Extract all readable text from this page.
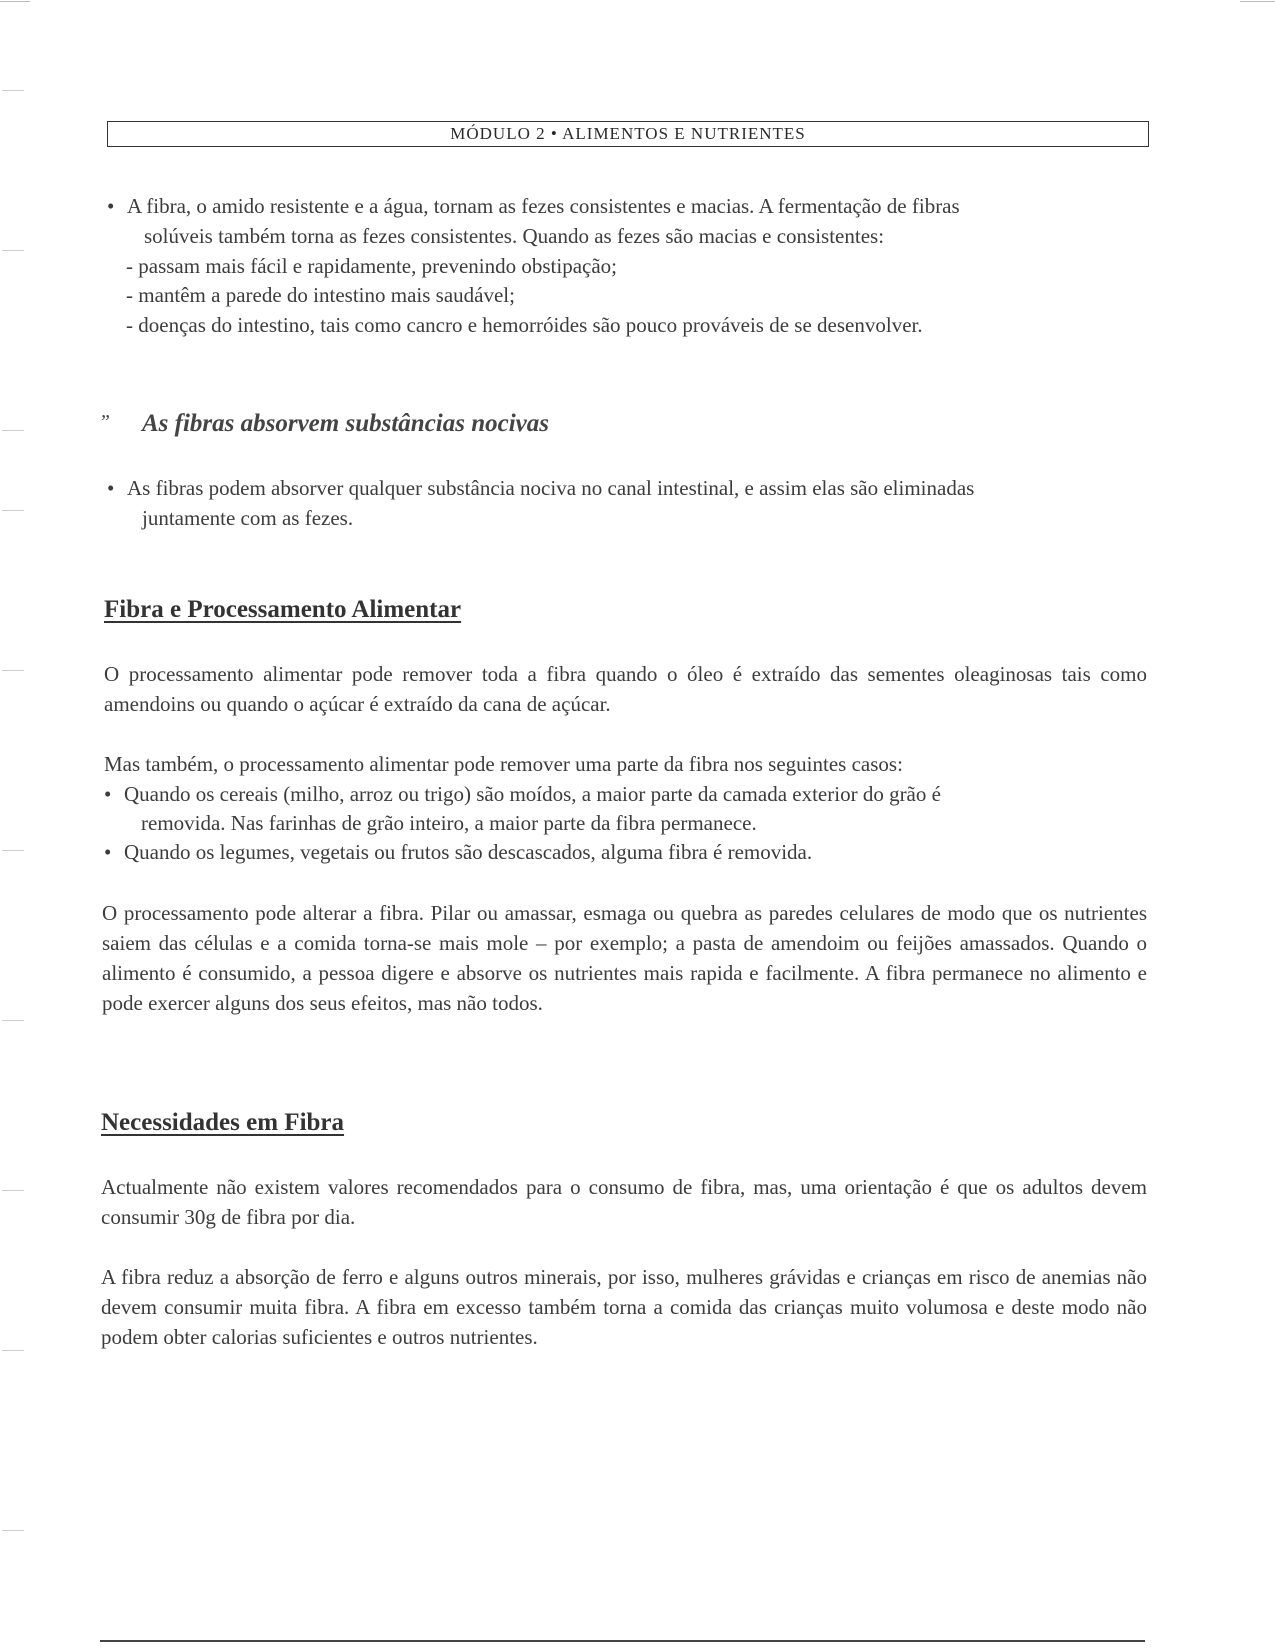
MÓDULO 2 • ALIMENTOS E NUTRIENTES
• A fibra, o amido resistente e a água, tornam as fezes consistentes e macias. A fermentação de fibras
solúveis também torna as fezes consistentes. Quando as fezes são macias e consistentes:
- passam mais fácil e rapidamente, prevenindo obstipação;
- mantêm a parede do intestino mais saudável;
- doenças do intestino, tais como cancro e hemorróides são pouco prováveis de se desenvolver.
„ As fibras absorvem substâncias nocivas
• As fibras podem absorver qualquer substância nociva no canal intestinal, e assim elas são eliminadas
juntamente com as fezes.
Fibra e Processamento Alimentar

O processamento alimentar pode remover toda a fibra quando o óleo é extraído das sementes oleaginosas tais como amendoins ou quando o açúcar é extraído da cana de açúcar.

Mas também, o processamento alimentar pode remover uma parte da fibra nos seguintes casos:
• Quando os cereais (milho, arroz ou trigo) são moídos, a maior parte da camada exterior do grão é
removida. Nas farinhas de grão inteiro, a maior parte da fibra permanece.
• Quando os legumes, vegetais ou frutos são descascados, alguma fibra é removida.

O processamento pode alterar a fibra. Pilar ou amassar, esmaga ou quebra as paredes celulares de modo que os nutrientes saiem das células e a comida torna-se mais mole – por exemplo; a pasta de amendoim ou feijões amassados. Quando o alimento é consumido, a pessoa digere e absorve os nutrientes mais rapida e facilmente. A fibra permanece no alimento e pode exercer alguns dos seus efeitos, mas não todos.

Necessidades em Fibra

Actualmente não existem valores recomendados para o consumo de fibra, mas, uma orientação é que os adultos devem consumir 30g de fibra por dia.

A fibra reduz a absorção de ferro e alguns outros minerais, por isso, mulheres grávidas e crianças em risco de anemias não devem consumir muita fibra. A fibra em excesso também torna a comida das crianças muito volumosa e deste modo não podem obter calorias suficientes e outros nutrientes.
